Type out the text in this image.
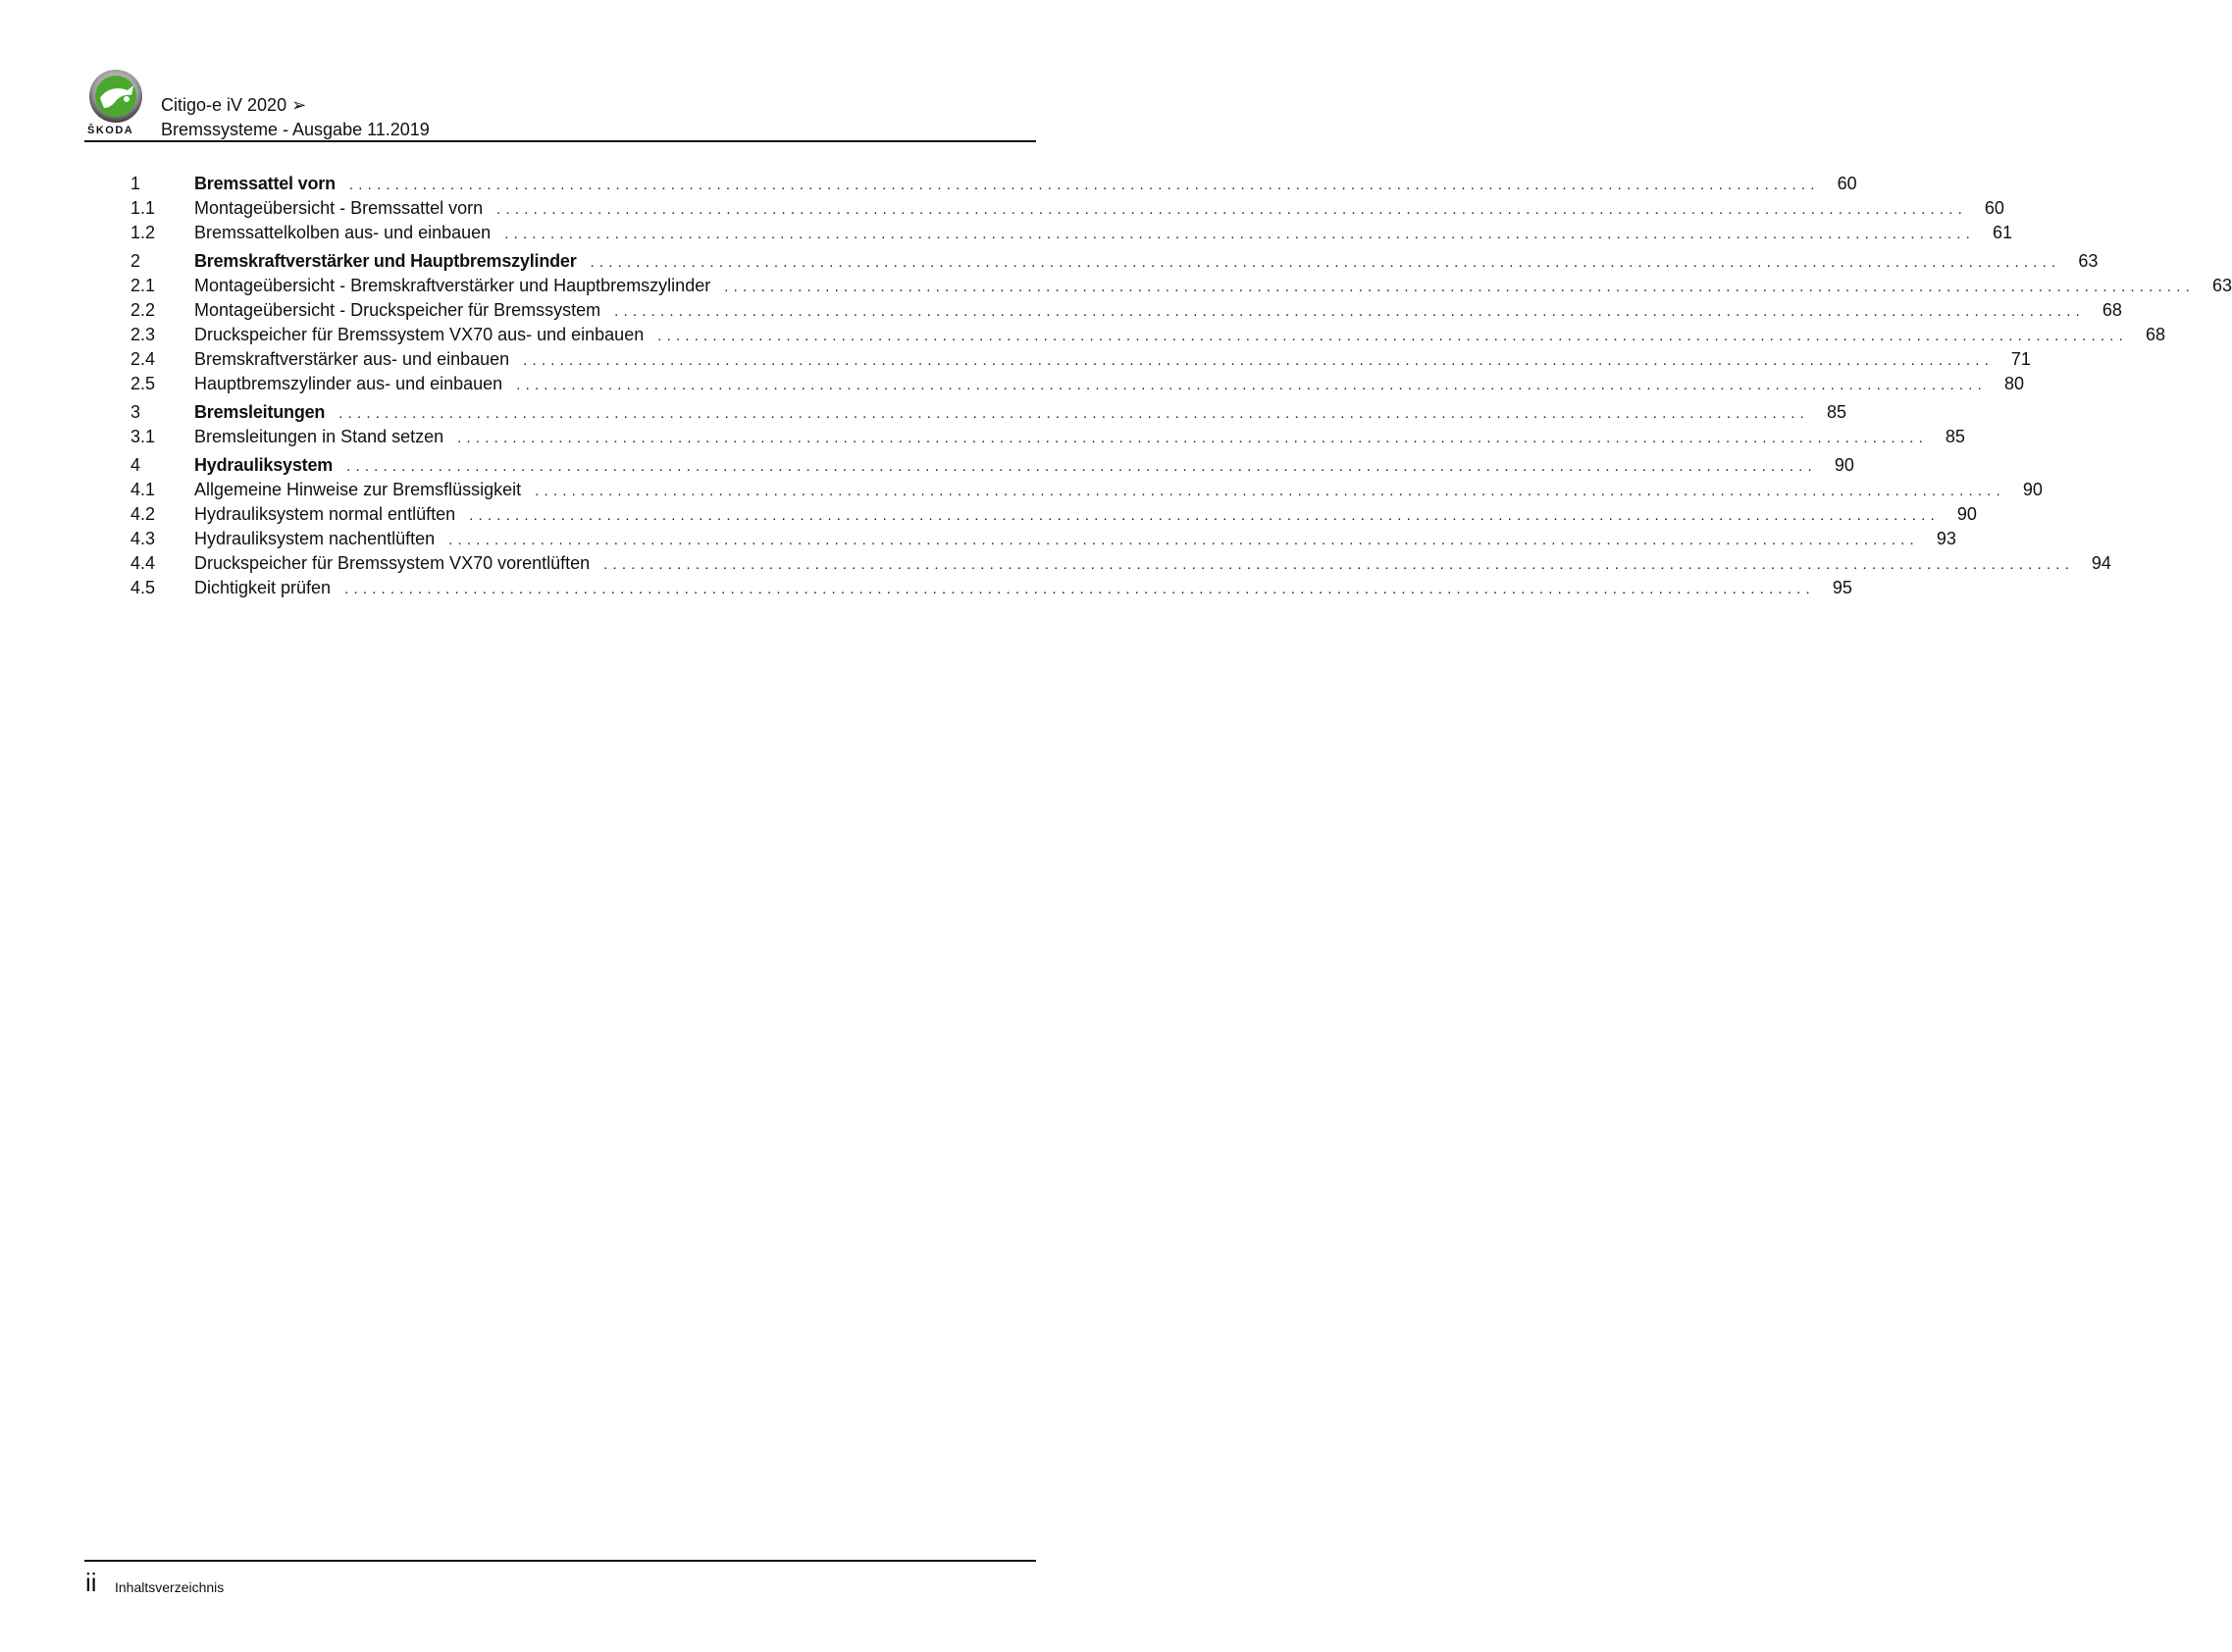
ŠKODA
Citigo-e iV 2020 ➢
Bremssysteme - Ausgabe 11.2019
1	Bremssattel vorn ................................................................................................................................................................ 60
1.1	Montageübersicht - Bremssattel vorn ................................................................................................................................................................ 60
1.2	Bremssattelkolben aus- und einbauen ................................................................................................................................................................ 61
2	Bremskraftverstärker und Hauptbremszylinder ................................................................................................................................................................ 63
2.1	Montageübersicht - Bremskraftverstärker und Hauptbremszylinder ................................................................................................................................................................ 63
2.2	Montageübersicht - Druckspeicher für Bremssystem ................................................................................................................................................................ 68
2.3	Druckspeicher für Bremssystem VX70 aus- und einbauen ................................................................................................................................................................ 68
2.4	Bremskraftverstärker aus- und einbauen ................................................................................................................................................................ 71
2.5	Hauptbremszylinder aus- und einbauen ................................................................................................................................................................ 80
3	Bremsleitungen ................................................................................................................................................................ 85
3.1	Bremsleitungen in Stand setzen ................................................................................................................................................................ 85
4	Hydrauliksystem ................................................................................................................................................................ 90
4.1	Allgemeine Hinweise zur Bremsflüssigkeit ................................................................................................................................................................ 90
4.2	Hydrauliksystem normal entlüften ................................................................................................................................................................ 90
4.3	Hydrauliksystem nachentlüften ................................................................................................................................................................ 93
4.4	Druckspeicher für Bremssystem VX70 vorentlüften ................................................................................................................................................................ 94
4.5	Dichtigkeit prüfen ................................................................................................................................................................ 95
ii Inhaltsverzeichnis
